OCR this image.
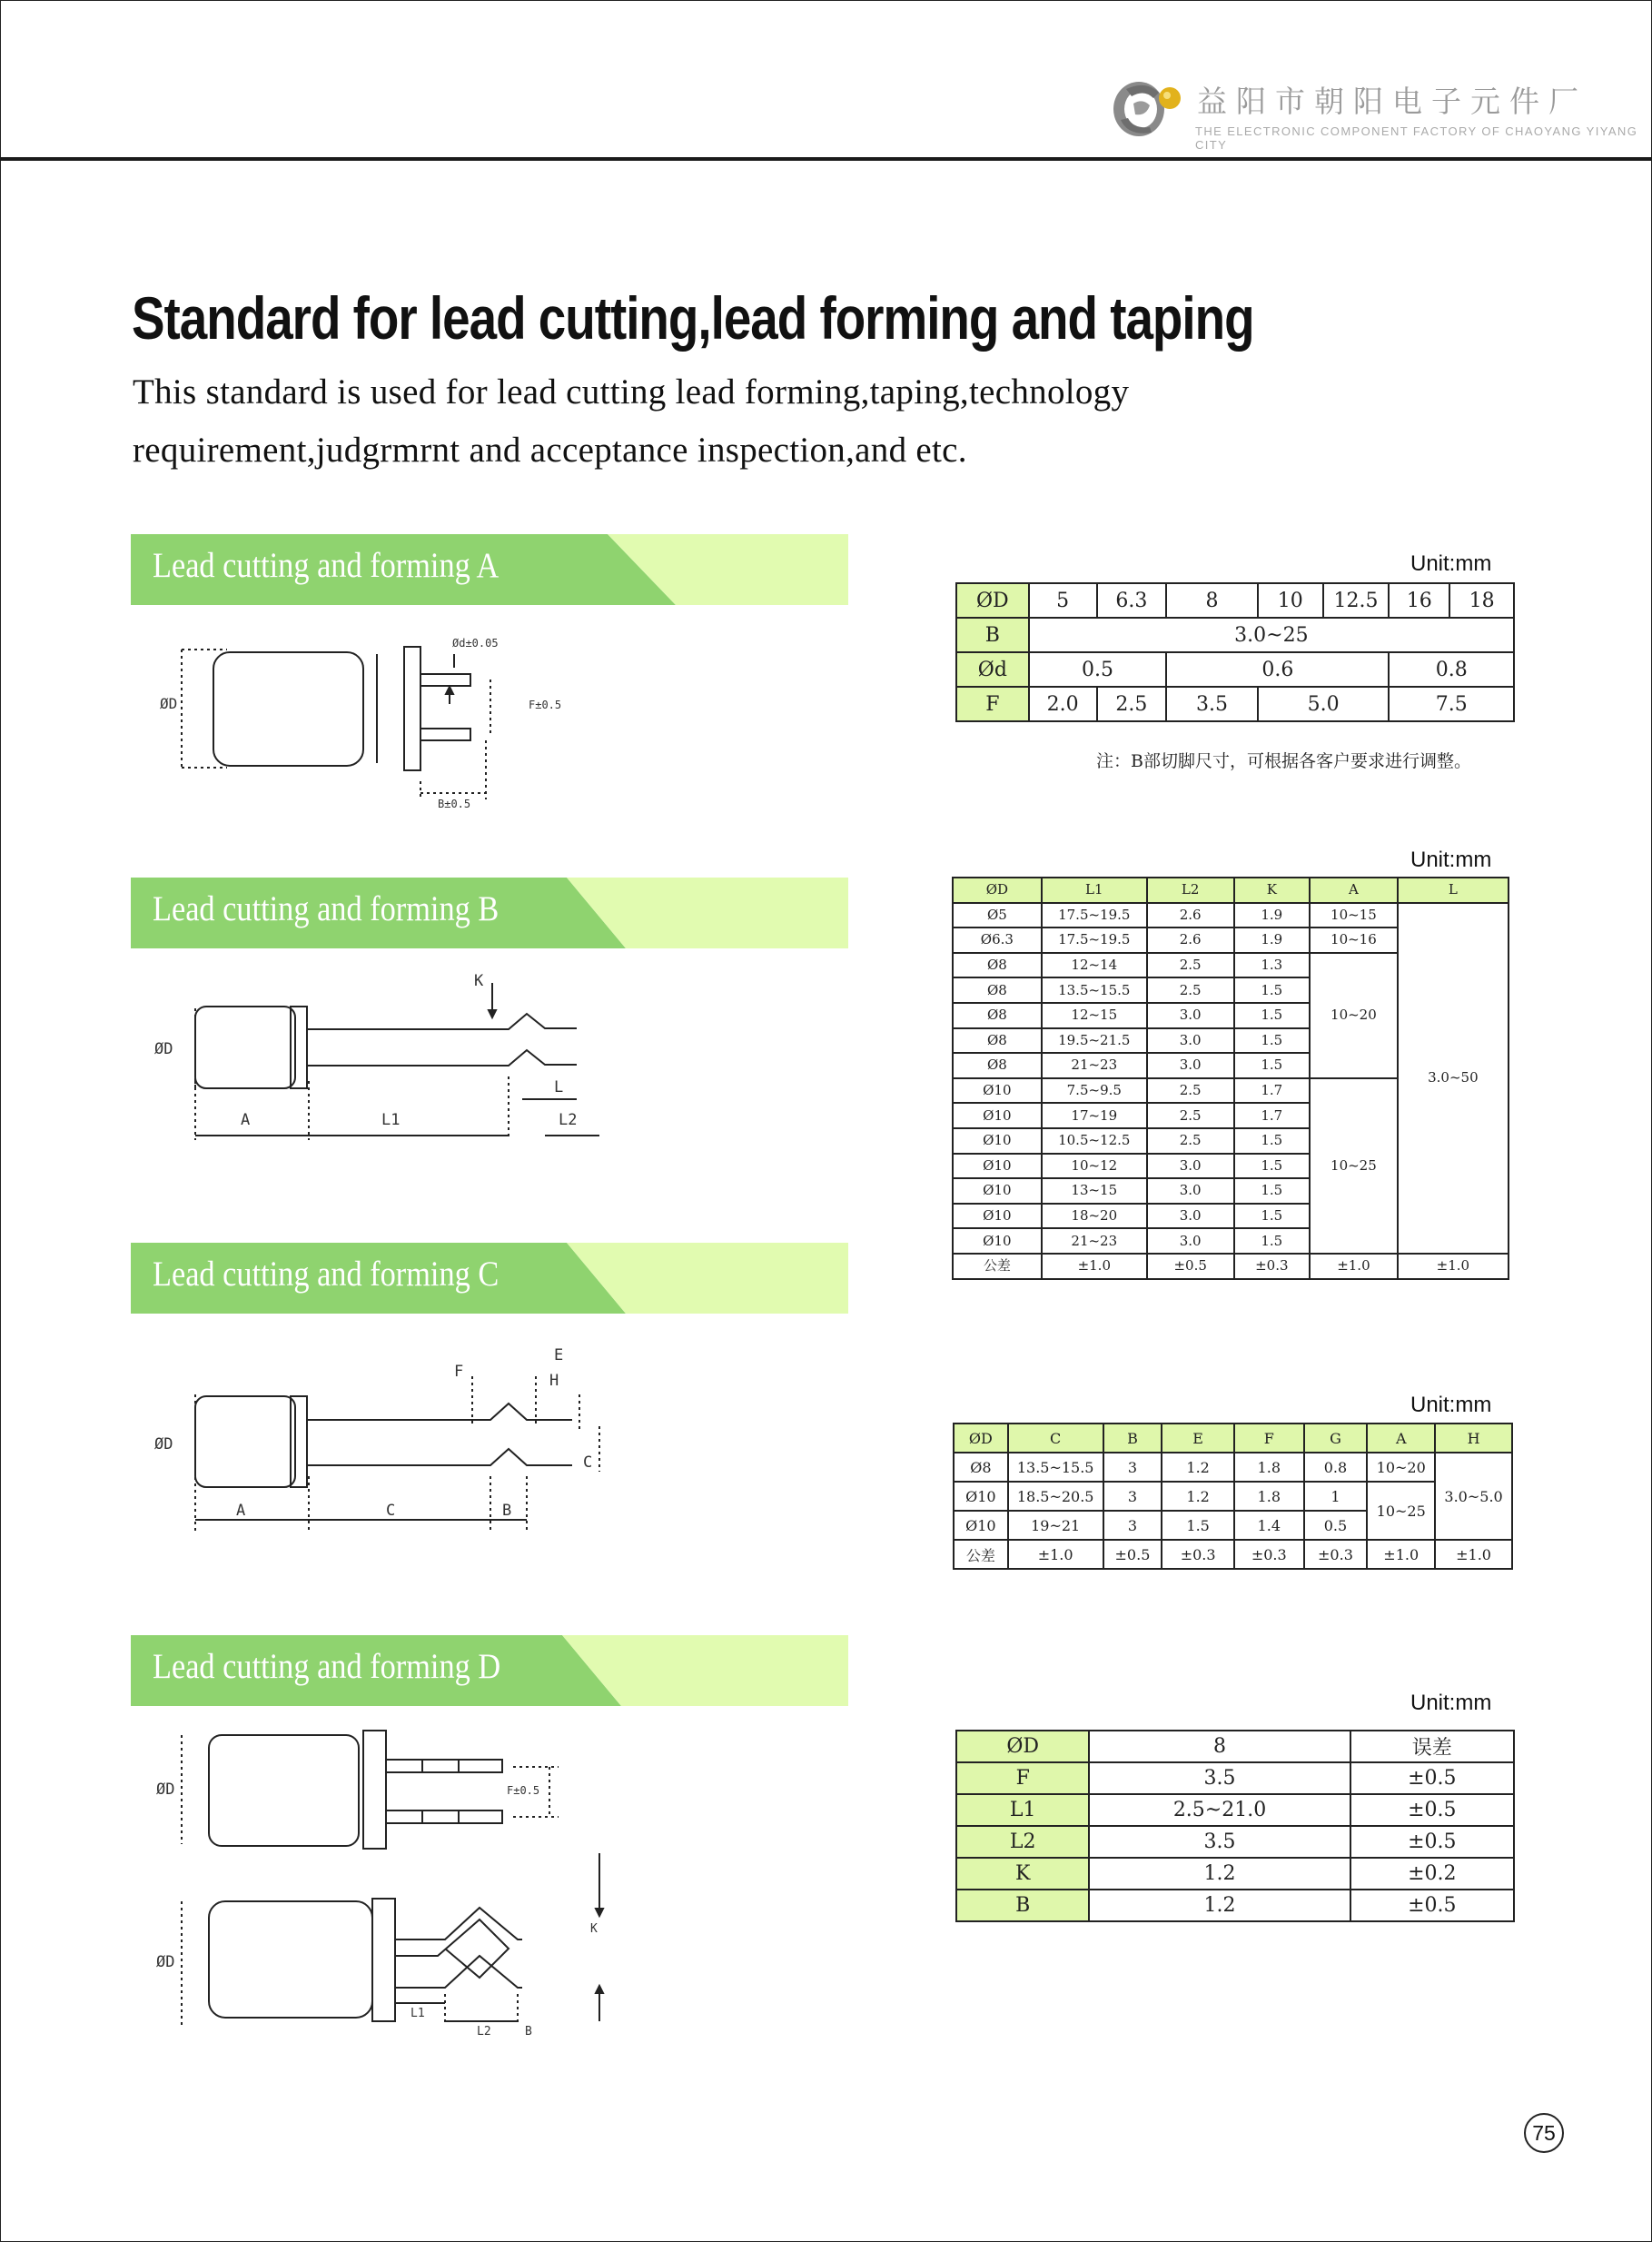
益阳市朝阳电子元件厂
THE ELECTRONIC COMPONENT FACTORY OF CHAOYANG YIYANG CITY
Standard for lead cutting,lead forming and taping
This standard is used for lead cutting lead forming,taping,technology
requirement,judgrmrnt and acceptance inspection,and etc.
Lead cutting and forming A
Lead cutting and forming B
Lead cutting and forming C
Lead cutting and forming D
Unit:mm
Unit:mm
Unit:mm
Unit:mm
ØD	5	6.3	8	10	12.5	16	18
B	3.0~25						
Ød	0.5		0.6			0.8	
F	2.0	2.5	3.5	5.0		7.5	
注：B部切脚尺寸，可根据各客户要求进行调整。
ØD	L1	L2	K	A	L
Ø5	17.5~19.5	2.6	1.9	10~15	3.0~50
Ø6.3	17.5~19.5	2.6	1.9	10~16	
Ø8	12~14	2.5	1.3	10~20	
Ø8	13.5~15.5	2.5	1.5		
Ø8	12~15	3.0	1.5		
Ø8	19.5~21.5	3.0	1.5		
Ø8	21~23	3.0	1.5		
Ø10	7.5~9.5	2.5	1.7	10~25	
Ø10	17~19	2.5	1.7		
Ø10	10.5~12.5	2.5	1.5		
Ø10	10~12	3.0	1.5		
Ø10	13~15	3.0	1.5		
Ø10	18~20	3.0	1.5		
Ø10	21~23	3.0	1.5		
公差	±1.0	±0.5	±0.3	±1.0	±1.0
ØD	C	B	E	F	G	A	H
Ø8	13.5~15.5	3	1.2	1.8	0.8	10~20	3.0~5.0
Ø10	18.5~20.5	3	1.2	1.8	1	10~25	
Ø10	19~21	3	1.5	1.4	0.5		
公差	±1.0	±0.5	±0.3	±0.3	±0.3	±1.0	±1.0
ØD	8	误差
F	3.5	±0.5
L1	2.5~21.0	±0.5
L2	3.5	±0.5
K	1.2	±0.2
B	1.2	±0.5
ØD
Ød±0.05
F±0.5
B±0.5
ØD
K
A	L1
L
L2
ØD
F
E
H
C
A	C	B
ØD	F±0.5
ØD
K
L1
L2	B
75
